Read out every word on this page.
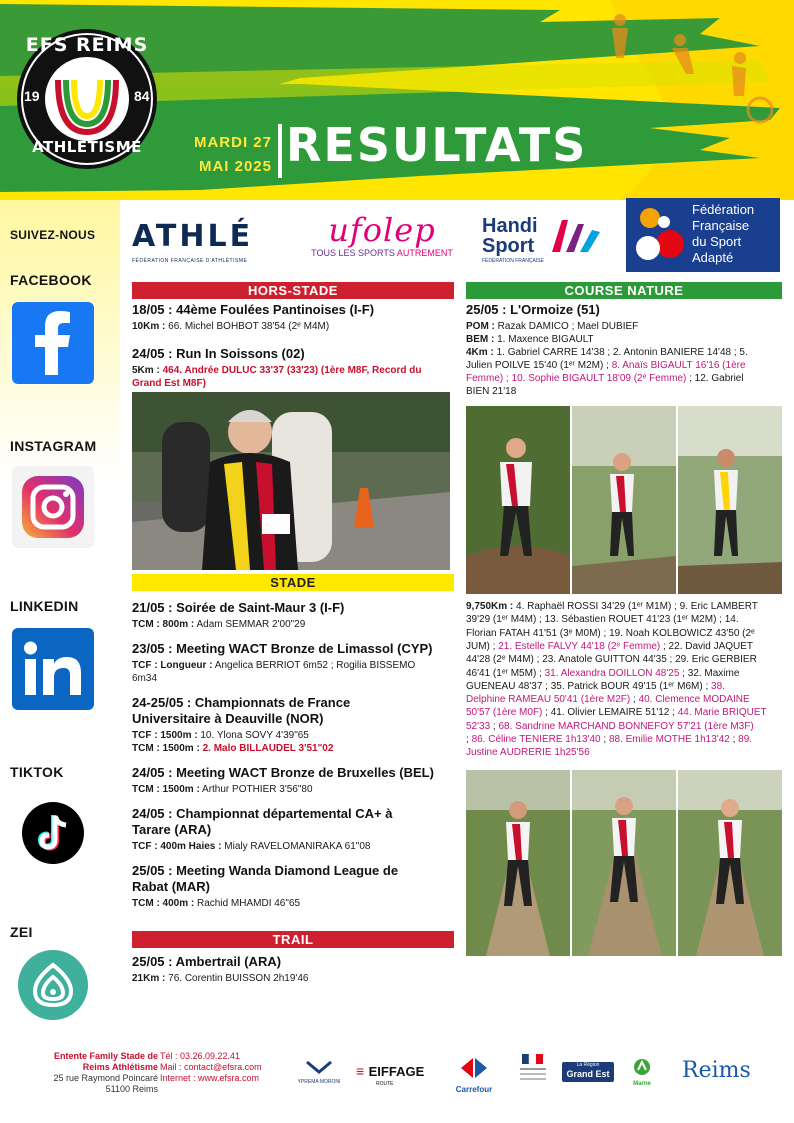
EFS REIMS
ATHLETISME
19	84
MARDI 27
MAI 2025 RESULTATS
SUIVEZ-NOUS
FACEBOOK
INSTAGRAM
LINKEDIN
TIKTOK
ZEI
ATHLÉ
FÉDÉRATION FRANÇAISE D'ATHLÉTISME
ufolep
TOUS LES SPORTS AUTREMENT
Handi
Sport
FÉDÉRATION FRANÇAISE
Fédération
Française
du Sport
Adapté
HORS-STADE
18/05 : 44ème Foulées Pantinoises (I-F)
10Km : 66. Michel BOHBOT 38'54 (2ᵉ M4M)
24/05 : Run In Soissons (02)
5Km : 464. Andrée DULUC 33'37 (33'23) (1ère M8F, Record du
Grand Est M8F)
STADE
21/05 : Soirée de Saint-Maur 3 (I-F)
TCM : 800m : Adam SEMMAR 2'00"29
23/05 : Meeting WACT Bronze de Limassol (CYP)
TCF : Longueur : Angelica BERRIOT 6m52 ; Rogilia BISSEMO
6m34
24-25/05 : Championnats de France
Universitaire à Deauville (NOR)
TCF : 1500m : 10. Ylona SOVY 4'39"65
TCM : 1500m : 2. Malo BILLAUDEL 3'51"02
24/05 : Meeting WACT Bronze de Bruxelles (BEL)
TCM : 1500m : Arthur POTHIER 3'56"80
24/05 : Championnat départemental CA+ à
Tarare (ARA)
TCF : 400m Haies : Mialy RAVELOMANIRAKA 61"08
25/05 : Meeting Wanda Diamond League de
Rabat (MAR)
TCM : 400m : Rachid MHAMDI 46"65
TRAIL
25/05 : Ambertrail (ARA)
21Km : 76. Corentin BUISSON 2h19'46
COURSE NATURE
25/05 : L'Ormoize (51)
POM : Razak DAMICO ; Mael DUBIEF
BEM : 1. Maxence BIGAULT
4Km : 1. Gabriel CARRE 14'38 ; 2. Antonin BANIERE 14'48 ; 5.
Julien POILVE 15'40 (1ᵉʳ M2M) ; 8. Anaïs BIGAULT 16'16 (1ère
Femme) ; 10. Sophie BIGAULT 18'09 (2ᵉ Femme) ; 12. Gabriel
BIEN 21'18
9,750Km : 4. Raphaël ROSSI 34'29 (1ᵉʳ M1M) ; 9. Eric LAMBERT
39'29 (1ᵉʳ M4M) ; 13. Sébastien ROUET 41'23 (1ᵉʳ M2M) ; 14.
Florian FATAH 41'51 (3ᵉ M0M) ; 19. Noah KOLBOWICZ 43'50 (2ᵉ
JUM) ; 21. Estelle FALVY 44'18 (2ᵉ Femme) ; 22. David JAQUET
44'28 (2ᵉ M4M) ; 23. Anatole GUITTON 44'35 ; 29. Eric GERBIER
46'41 (1ᵉʳ M5M) ; 31. Alexandra DOILLON 48'25 ; 32. Maxime
GUENEAU 48'37 ; 35. Patrick BOUR 49'15 (1ᵉʳ M6M) ; 38.
Delphine RAMEAU 50'41 (1ère M2F) ; 40. Clemence MODAINE
50'57 (1ère M0F) ; 41. Olivier LEMAIRE 51'12 ; 44. Marie BRIQUET
52'33 ; 68. Sandrine MARCHAND BONNEFOY 57'21 (1ère M3F)
; 86. Céline TENIERE 1h13'40 ; 88. Emilie MOTHE 1h13'42 ; 89.
Justine AUDRERIE 1h25'56
Entente Family Stade de
Reims Athlétisme
25 rue Raymond Poincaré
51100 Reims
Tél : 03.26.09.22.41
Mail : contact@efsra.com
Internet : www.efsra.com	YPREMA MORONI
≡ EIFFAGE
ROUTE
Carrefour
La Région
Grand Est
Marne
Reims
